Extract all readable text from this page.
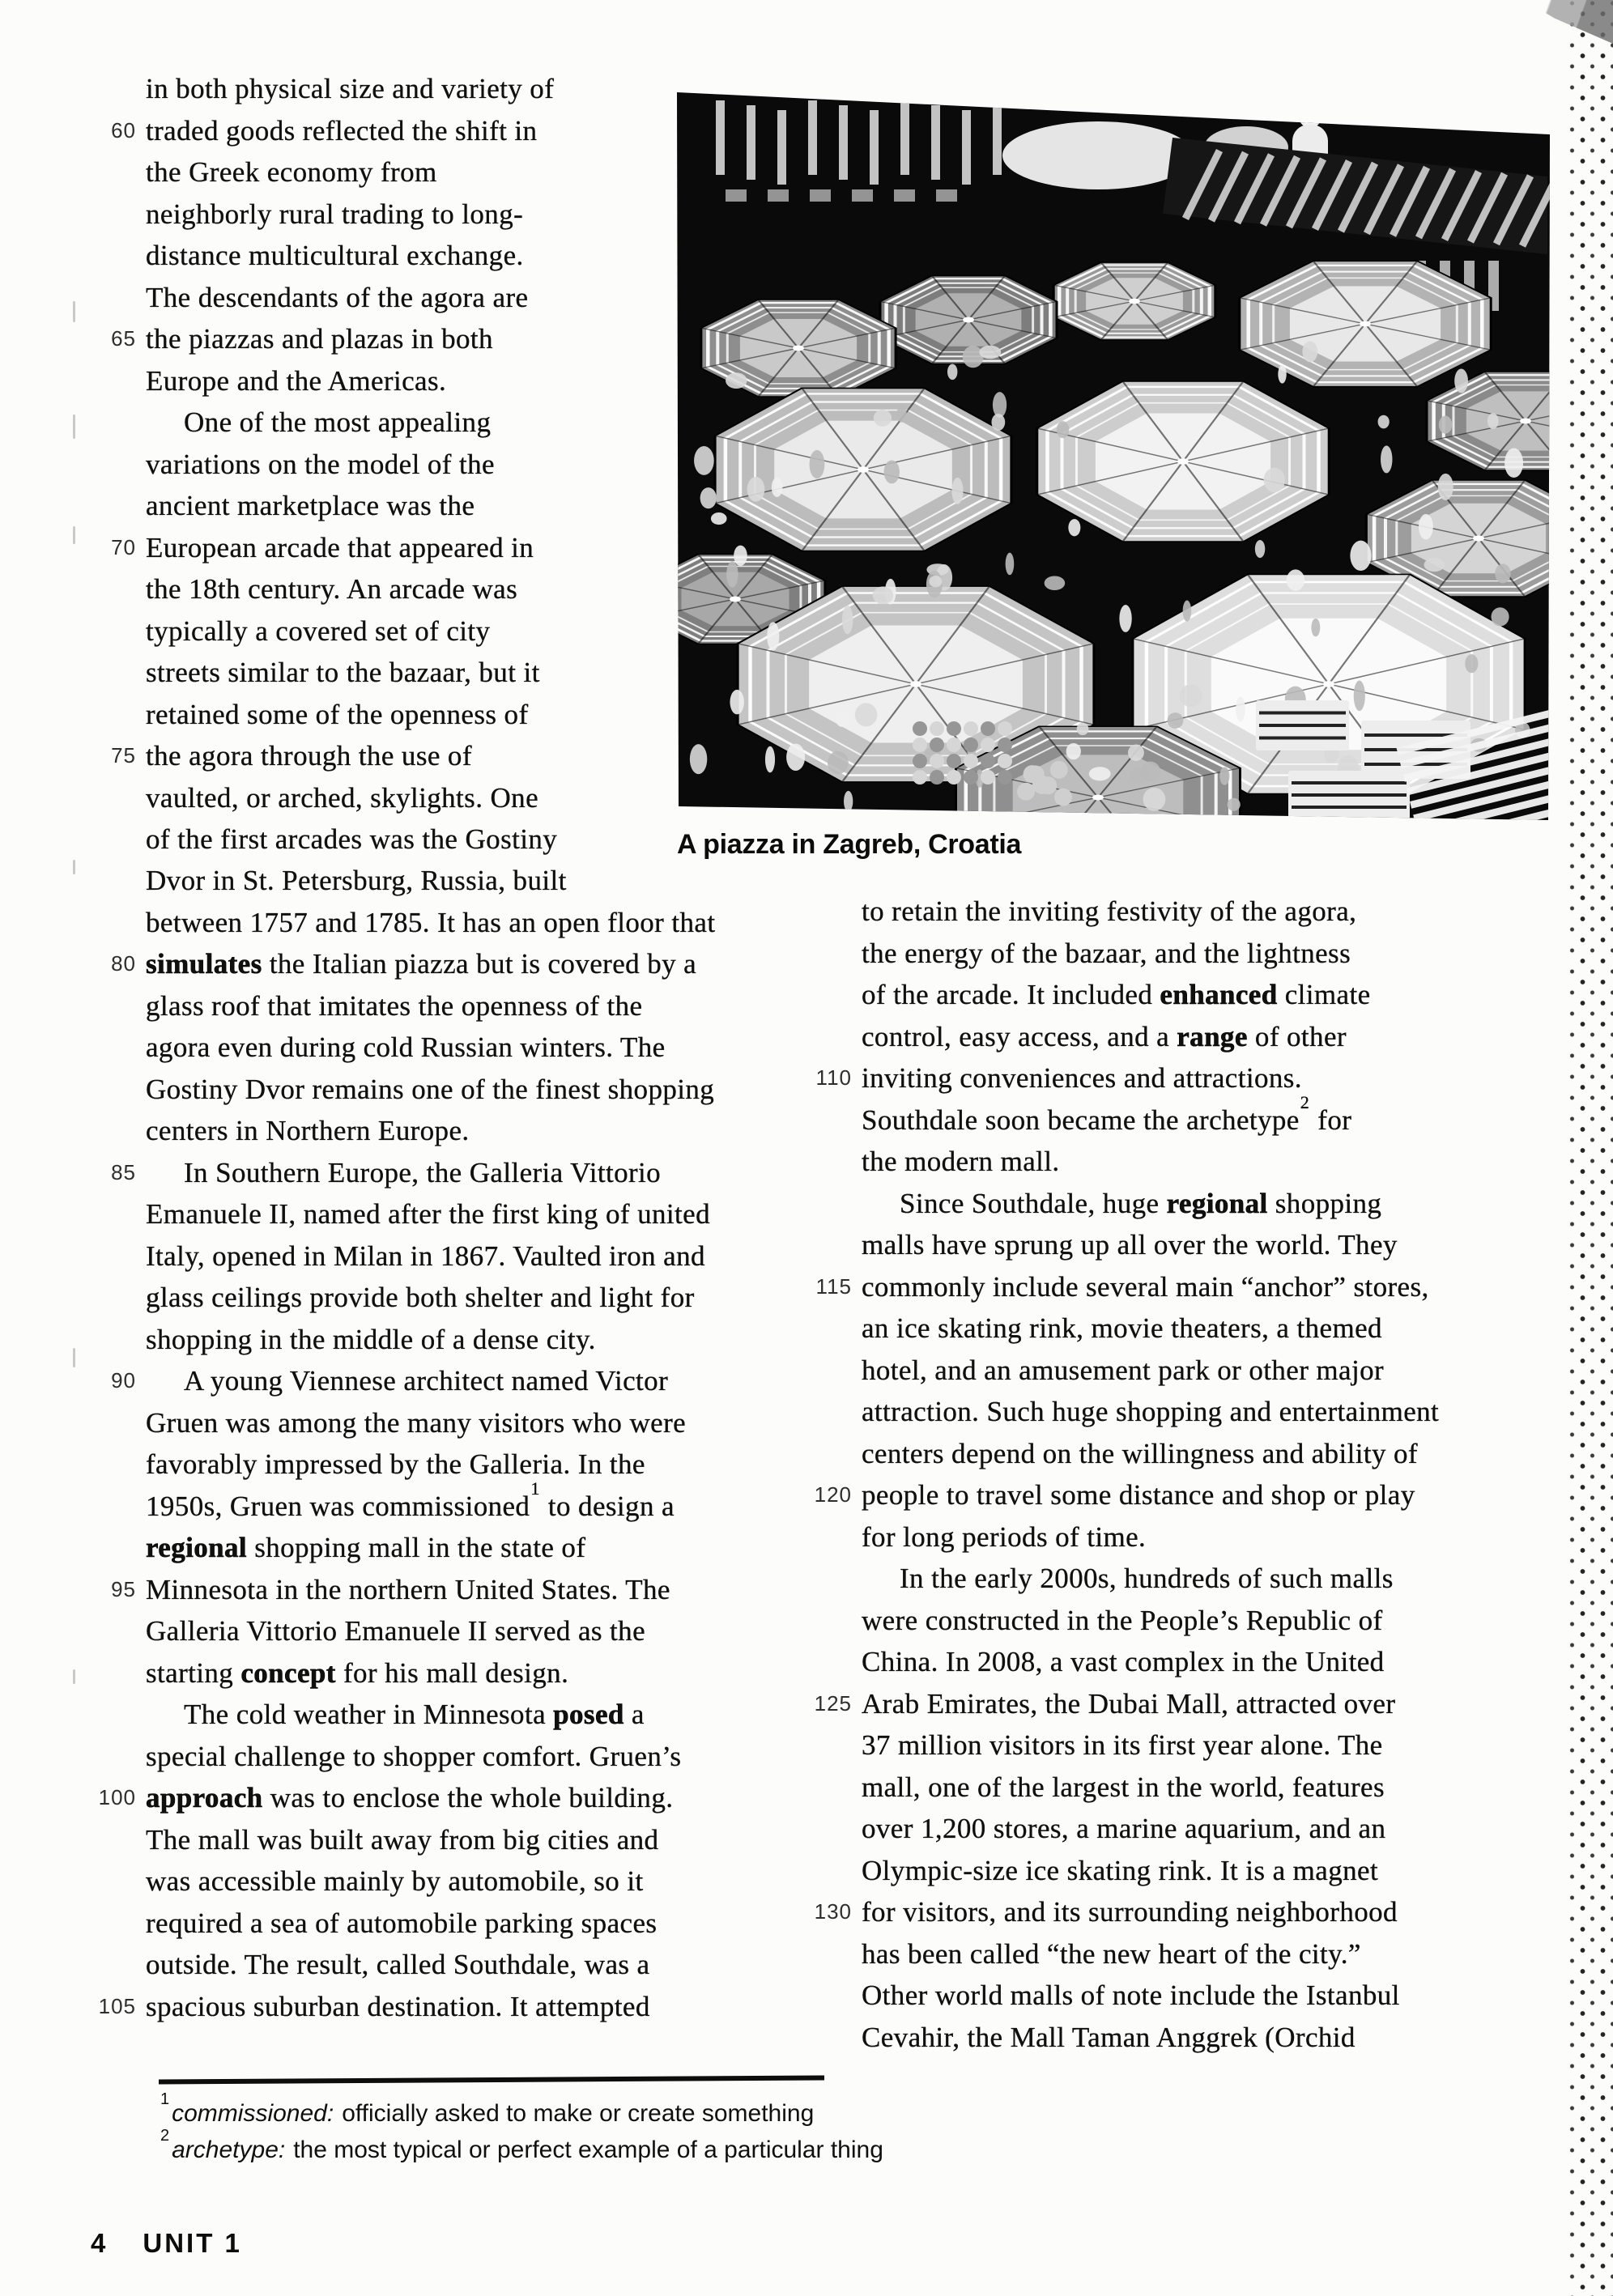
A piazza in Zagreb, Croatia
in both physical size and variety of
60 traded goods reflected the shift in
the Greek economy from
neighborly rural trading to long-
distance multicultural exchange.
The descendants of the agora are
65 the piazzas and plazas in both
Europe and the Americas.
One of the most appealing
variations on the model of the
ancient marketplace was the
70 European arcade that appeared in
the 18th century. An arcade was
typically a covered set of city
streets similar to the bazaar, but it
retained some of the openness of
75 the agora through the use of
vaulted, or arched, skylights. One
of the first arcades was the Gostiny
Dvor in St. Petersburg, Russia, built
between 1757 and 1785. It has an open floor that
80 simulates the Italian piazza but is covered by a
glass roof that imitates the openness of the
agora even during cold Russian winters. The
Gostiny Dvor remains one of the finest shopping
centers in Northern Europe.
85 In Southern Europe, the Galleria Vittorio
Emanuele II, named after the first king of united
Italy, opened in Milan in 1867. Vaulted iron and
glass ceilings provide both shelter and light for
shopping in the middle of a dense city.
90 A young Viennese architect named Victor
Gruen was among the many visitors who were
favorably impressed by the Galleria. In the
1950s, Gruen was commissioned$^1$ to design a
regional shopping mall in the state of
95 Minnesota in the northern United States. The
Galleria Vittorio Emanuele II served as the
starting concept for his mall design.
The cold weather in Minnesota posed a
special challenge to shopper comfort. Gruen’s
100 approach was to enclose the whole building.
The mall was built away from big cities and
was accessible mainly by automobile, so it
required a sea of automobile parking spaces
outside. The result, called Southdale, was a
105 spacious suburban destination. It attempted
to retain the inviting festivity of the agora,
the energy of the bazaar, and the lightness
of the arcade. It included enhanced climate
control, easy access, and a range of other
110 inviting conveniences and attractions.
Southdale soon became the archetype$^2$ for
the modern mall.
Since Southdale, huge regional shopping
malls have sprung up all over the world. They
115 commonly include several main “anchor” stores,
an ice skating rink, movie theaters, a themed
hotel, and an amusement park or other major
attraction. Such huge shopping and entertainment
centers depend on the willingness and ability of
120 people to travel some distance and shop or play
for long periods of time.
In the early 2000s, hundreds of such malls
were constructed in the People’s Republic of
China. In 2008, a vast complex in the United
125 Arab Emirates, the Dubai Mall, attracted over
37 million visitors in its first year alone. The
mall, one of the largest in the world, features
over 1,200 stores, a marine aquarium, and an
Olympic-size ice skating rink. It is a magnet
130 for visitors, and its surrounding neighborhood
has been called “the new heart of the city.”
Other world malls of note include the Istanbul
Cevahir, the Mall Taman Anggrek (Orchid
$^1$commissioned: officially asked to make or create something
$^2$archetype: the most typical or perfect example of a particular thing
4 UNIT 1
